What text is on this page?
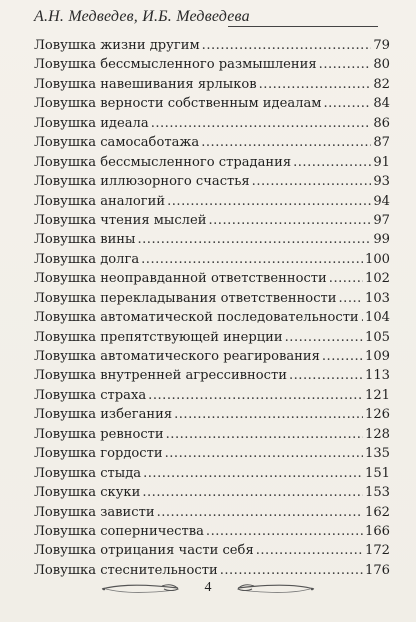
А.Н. Медведев, И.Б. Медведева
Ловушка жизни другим .....	79
Ловушка бессмысленного размышления .....	80
Ловушка навешивания ярлыков .....	82
Ловушка верности собственным идеалам .....	84
Ловушка идеала .....	86
Ловушка самосаботажа .....	87
Ловушка бессмысленного страдания .....	91
Ловушка иллюзорного счастья .....	93
Ловушка аналогий .....	94
Ловушка чтения мыслей .....	97
Ловушка вины .....	99
Ловушка долга .....	100
Ловушка неоправданной ответственности .....	102
Ловушка перекладывания ответственности ..... 103
Ловушка автоматической последовательности ..... 104
Ловушка препятствующей инерции .....	105
Ловушка автоматического реагирования .....	109
Ловушка внутренней агрессивности .....	113
Ловушка страха .....	121
Ловушка избегания .....	126
Ловушка ревности .....	128
Ловушка гордости .....	135
Ловушка стыда .....	151
Ловушка скуки .....	153
Ловушка зависти .....	162
Ловушка соперничества .....	166
Ловушка отрицания части себя .....	172
Ловушка стеснительности .....	176
4
